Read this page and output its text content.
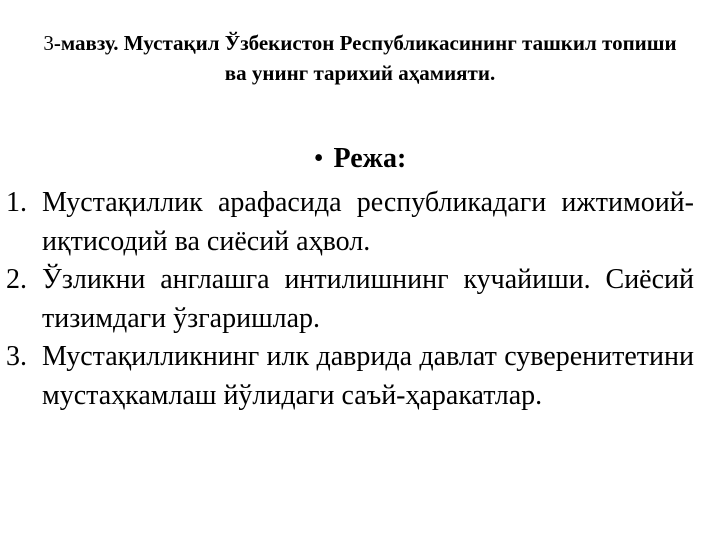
3-мавзу. Мустақил Ўзбекистон Республикасининг ташкил топиши ва унинг тарихий аҳамияти.
• Режа:
1. Мустақиллик арафасида республикадаги ижтимоий-иқтисодий ва сиёсий аҳвол.
2. Ўзликни англашга интилишнинг кучайиши. Сиёсий тизимдаги ўзгаришлар.
3. Мустақилликнинг илк даврида давлат суверенитетини мустаҳкамлаш йўлидаги саъй-ҳаракатлар.
